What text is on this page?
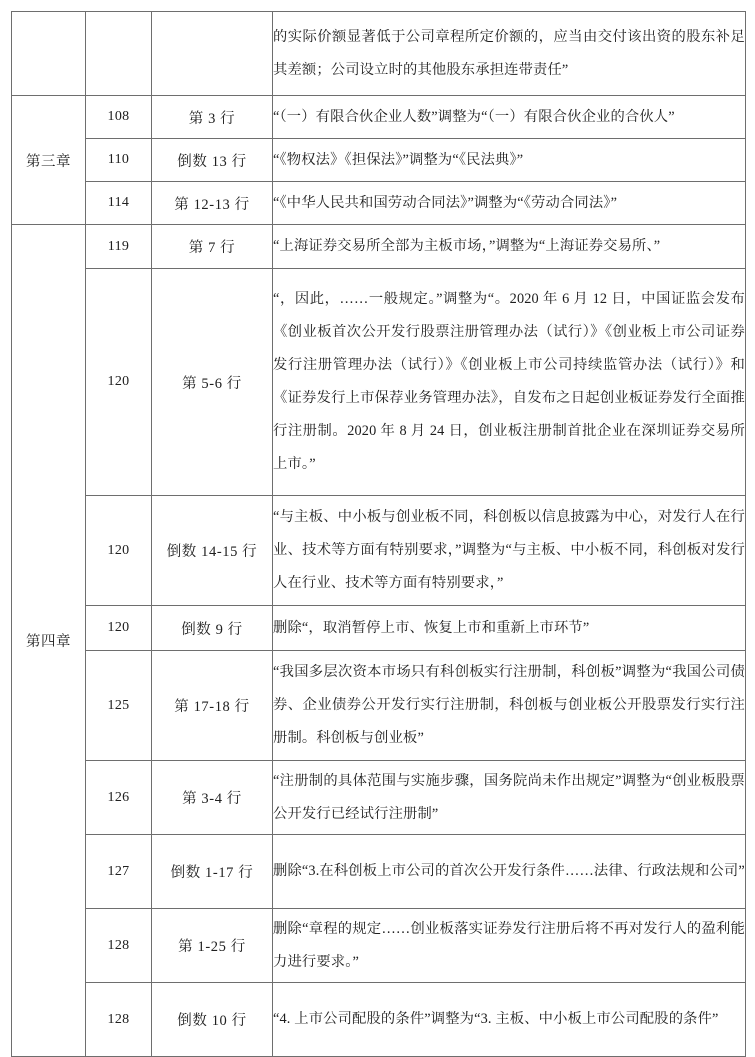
			的实际价额显著低于公司章程所定价额的，应当由交付该出资的股东补足其差额；公司设立时的其他股东承担连带责任”
第三章	108	第 3 行	“（一）有限合伙企业人数”调整为“（一）有限合伙企业的合伙人”
	110	倒数 13 行	“《物权法》《担保法》”调整为“《民法典》”
	114	第 12-13 行	“《中华人民共和国劳动合同法》”调整为“《劳动合同法》”
第四章	119	第 7 行	“上海证券交易所全部为主板市场，”调整为“上海证券交易所、”
	120	第 5-6 行	“，因此，……一般规定。”调整为“。2020 年 6 月 12 日，中国证监会发布《创业板首次公开发行股票注册管理办法（试行）》《创业板上市公司证券发行注册管理办法（试行）》《创业板上市公司持续监管办法（试行）》和《证券发行上市保荐业务管理办法》，自发布之日起创业板证券发行全面推行注册制。2020 年 8 月 24 日，创业板注册制首批企业在深圳证券交易所上市。”
	120	倒数 14-15 行	“与主板、中小板与创业板不同，科创板以信息披露为中心，对发行人在行业、技术等方面有特别要求，”调整为“与主板、中小板不同，科创板对发行人在行业、技术等方面有特别要求，”
	120	倒数 9 行	删除“，取消暂停上市、恢复上市和重新上市环节”
	125	第 17-18 行	“我国多层次资本市场只有科创板实行注册制，科创板”调整为“我国公司债券、企业债券公开发行实行注册制，科创板与创业板公开股票发行实行注册制。科创板与创业板”
	126	第 3-4 行	“注册制的具体范围与实施步骤，国务院尚未作出规定”调整为“创业板股票公开发行已经试行注册制”
	127	倒数 1-17 行	删除“3.在科创板上市公司的首次公开发行条件……法律、行政法规和公司”
	128	第 1-25 行	删除“章程的规定……创业板落实证券发行注册后将不再对发行人的盈利能力进行要求。”
	128	倒数 10 行	“4. 上市公司配股的条件”调整为“3. 主板、中小板上市公司配股的条件”
